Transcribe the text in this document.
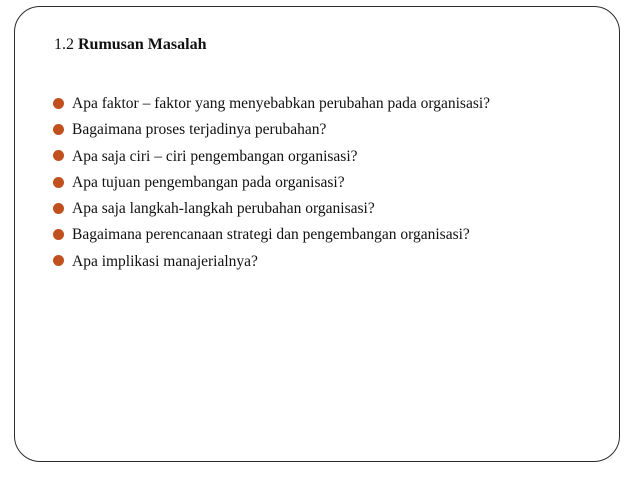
1.2 Rumusan Masalah
Apa faktor – faktor yang menyebabkan perubahan pada organisasi?
Bagaimana proses terjadinya perubahan?
Apa saja ciri – ciri pengembangan organisasi?
Apa tujuan pengembangan pada organisasi?
Apa saja langkah-langkah perubahan organisasi?
Bagaimana perencanaan strategi dan pengembangan organisasi?
Apa implikasi manajerialnya?
